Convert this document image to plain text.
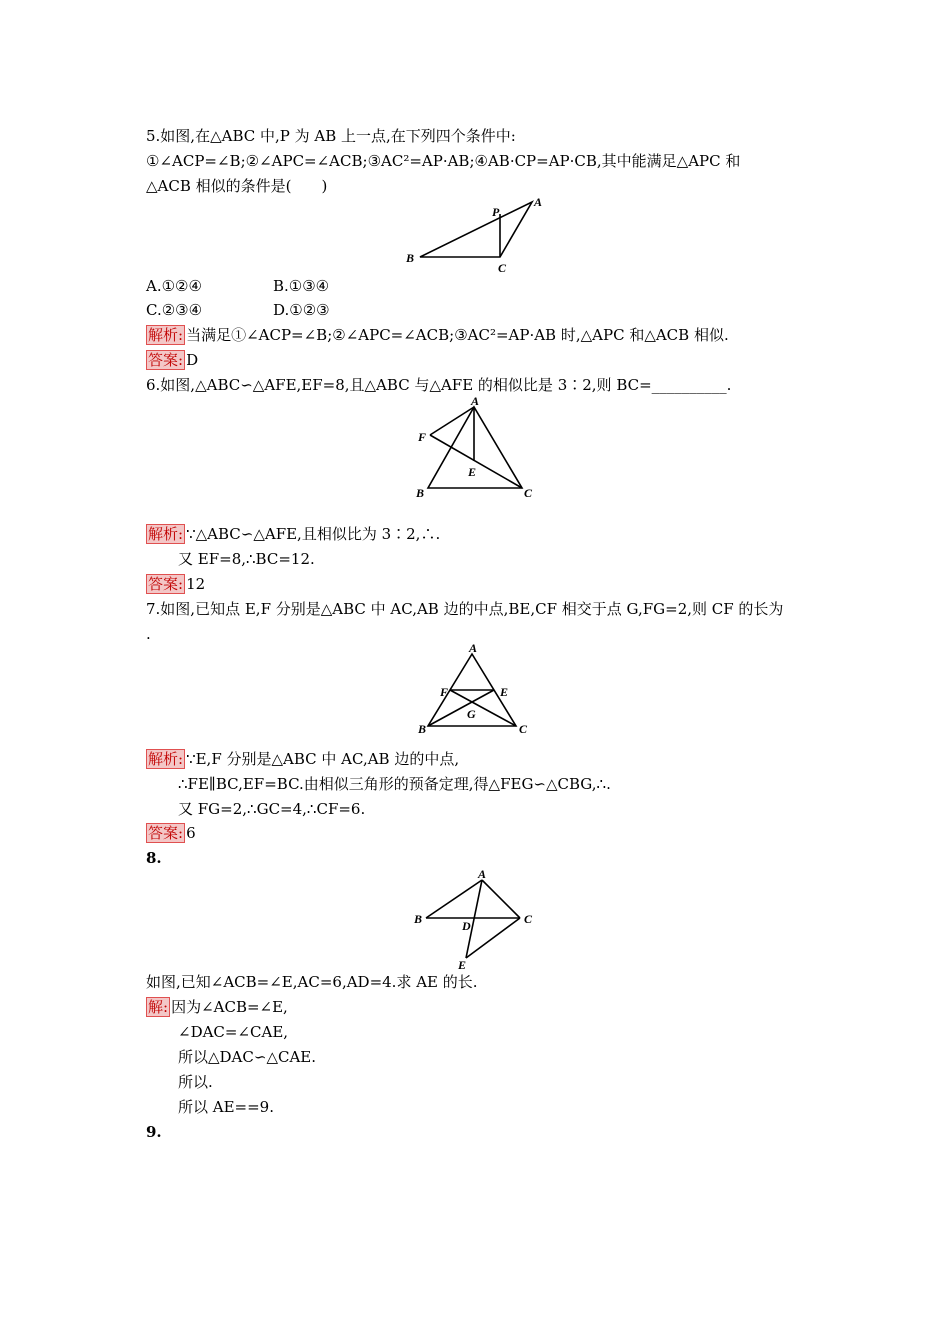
5.如图,在△ABC 中,P 为 AB 上一点,在下列四个条件中:
①∠ACP=∠B;②∠APC=∠ACB;③AC²=AP·AB;④AB·CP=AP·CB,其中能满足△APC 和
△ACB 相似的条件是(　　)
B
A
P
C
A.①②④	B.①③④
C.②③④	D.①②③
解析: 当满足①∠ACP=∠B;②∠APC=∠ACB;③AC²=AP·AB 时,△APC 和△ACB 相似.
答案: D
6.如图,△ABC∽△AFE,EF=8,且△ABC 与△AFE 的相似比是 3∶2,则 BC=__________.
A
F
E
B	C
解析: ∵△ABC∽△AFE,且相似比为 3∶2,∴.
又 EF=8,∴BC=12.
答案: 12
7.如图,已知点 E,F 分别是△ABC 中 AC,AB 边的中点,BE,CF 相交于点 G,FG=2,则 CF 的长为
.
A
F	E
G
B	C
解析: ∵E,F 分别是△ABC 中 AC,AB 边的中点,
∴FE∥BC,EF=BC.由相似三角形的预备定理,得△FEG∽△CBG,∴.
又 FG=2,∴GC=4,∴CF=6.
答案: 6
8.
A
B	C
D
E
如图,已知∠ACB=∠E,AC=6,AD=4.求 AE 的长.
解: 因为∠ACB=∠E,
∠DAC=∠CAE,
所以△DAC∽△CAE.
所以.
所以 AE==9.
9.
